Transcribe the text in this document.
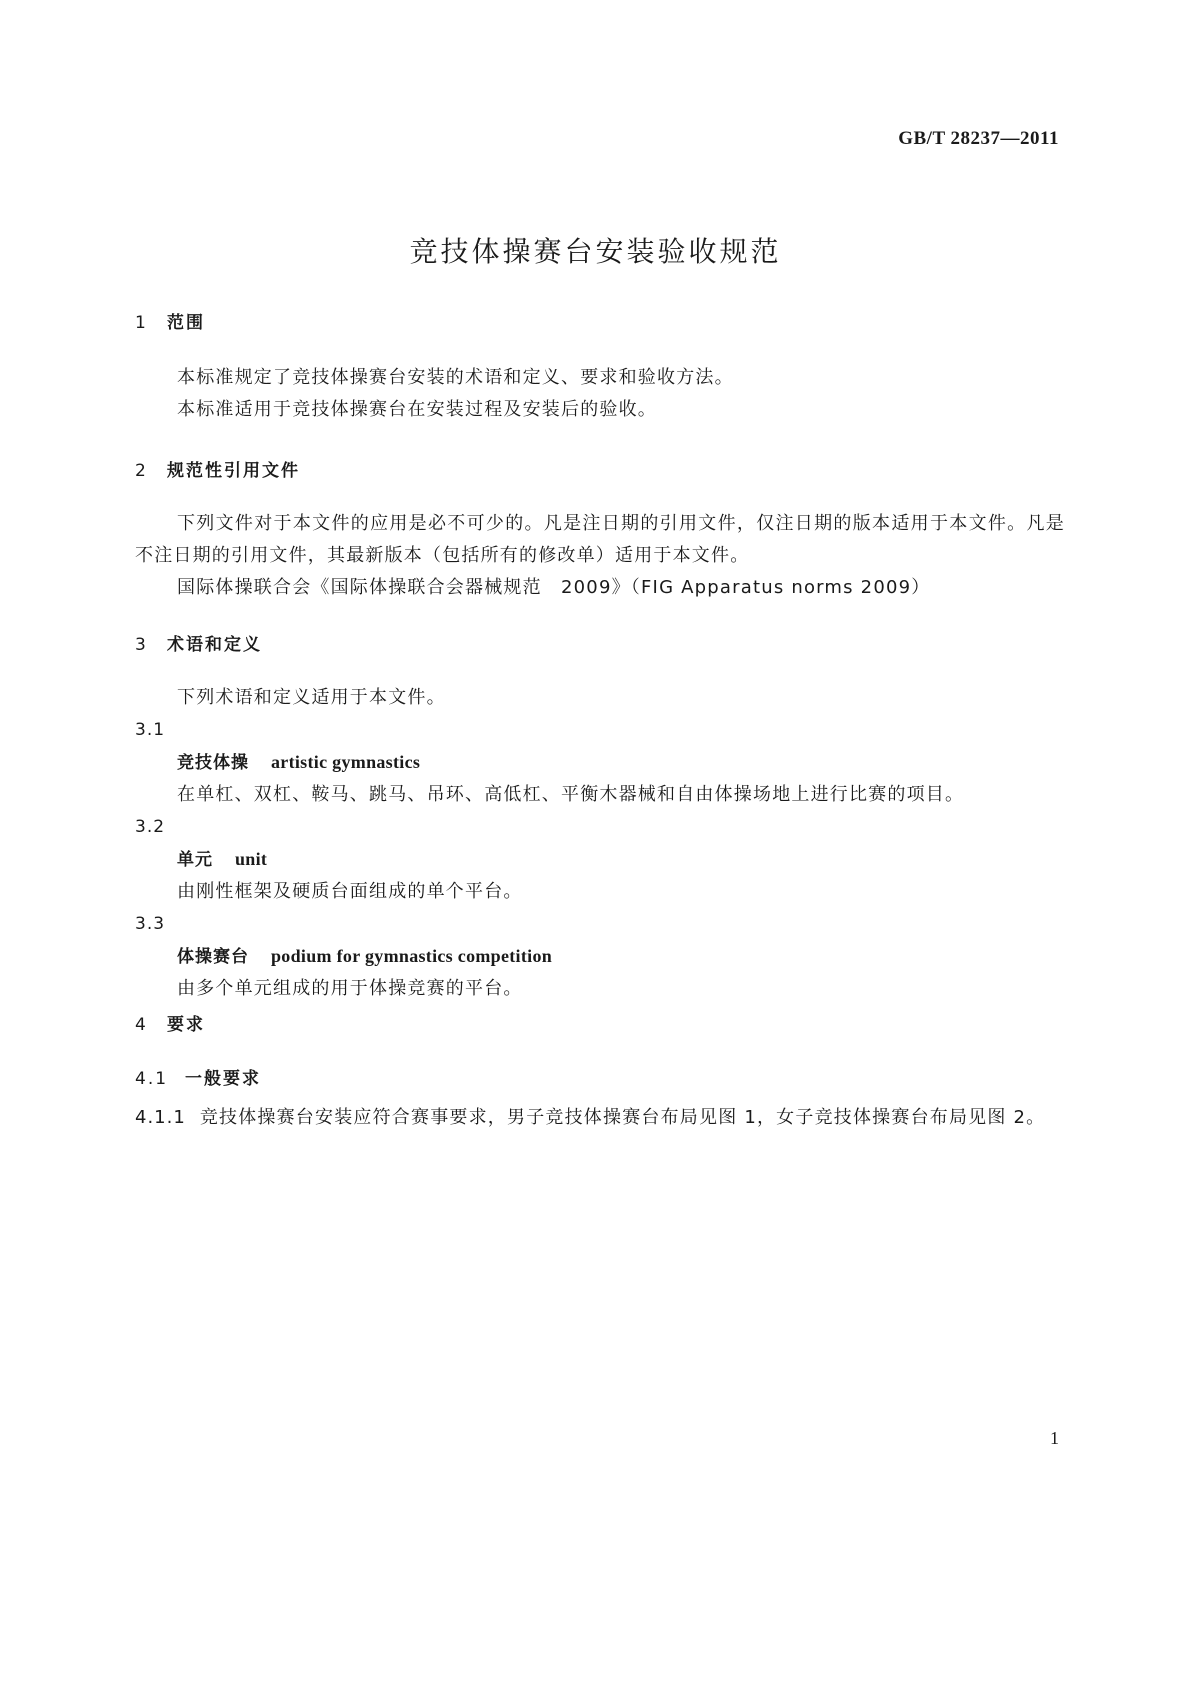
GB/T 28237—2011
竞技体操赛台安装验收规范
1 范围

本标准规定了竞技体操赛台安装的术语和定义、要求和验收方法。

本标准适用于竞技体操赛台在安装过程及安装后的验收。

2 规范性引用文件

下列文件对于本文件的应用是必不可少的。凡是注日期的引用文件，仅注日期的版本适用于本文件。凡是不注日期的引用文件，其最新版本（包括所有的修改单）适用于本文件。

国际体操联合会《国际体操联合会器械规范　2009》（FIG Apparatus norms 2009）

3 术语和定义

下列术语和定义适用于本文件。

3.1

竞技体操 artistic gymnastics

在单杠、双杠、鞍马、跳马、吊环、高低杠、平衡木器械和自由体操场地上进行比赛的项目。

3.2

单元 unit

由刚性框架及硬质台面组成的单个平台。

3.3

体操赛台 podium for gymnastics competition

由多个单元组成的用于体操竞赛的平台。

4 要求
4.1 一般要求

4.1.1 竞技体操赛台安装应符合赛事要求，男子竞技体操赛台布局见图 1，女子竞技体操赛台布局见图 2。

1
